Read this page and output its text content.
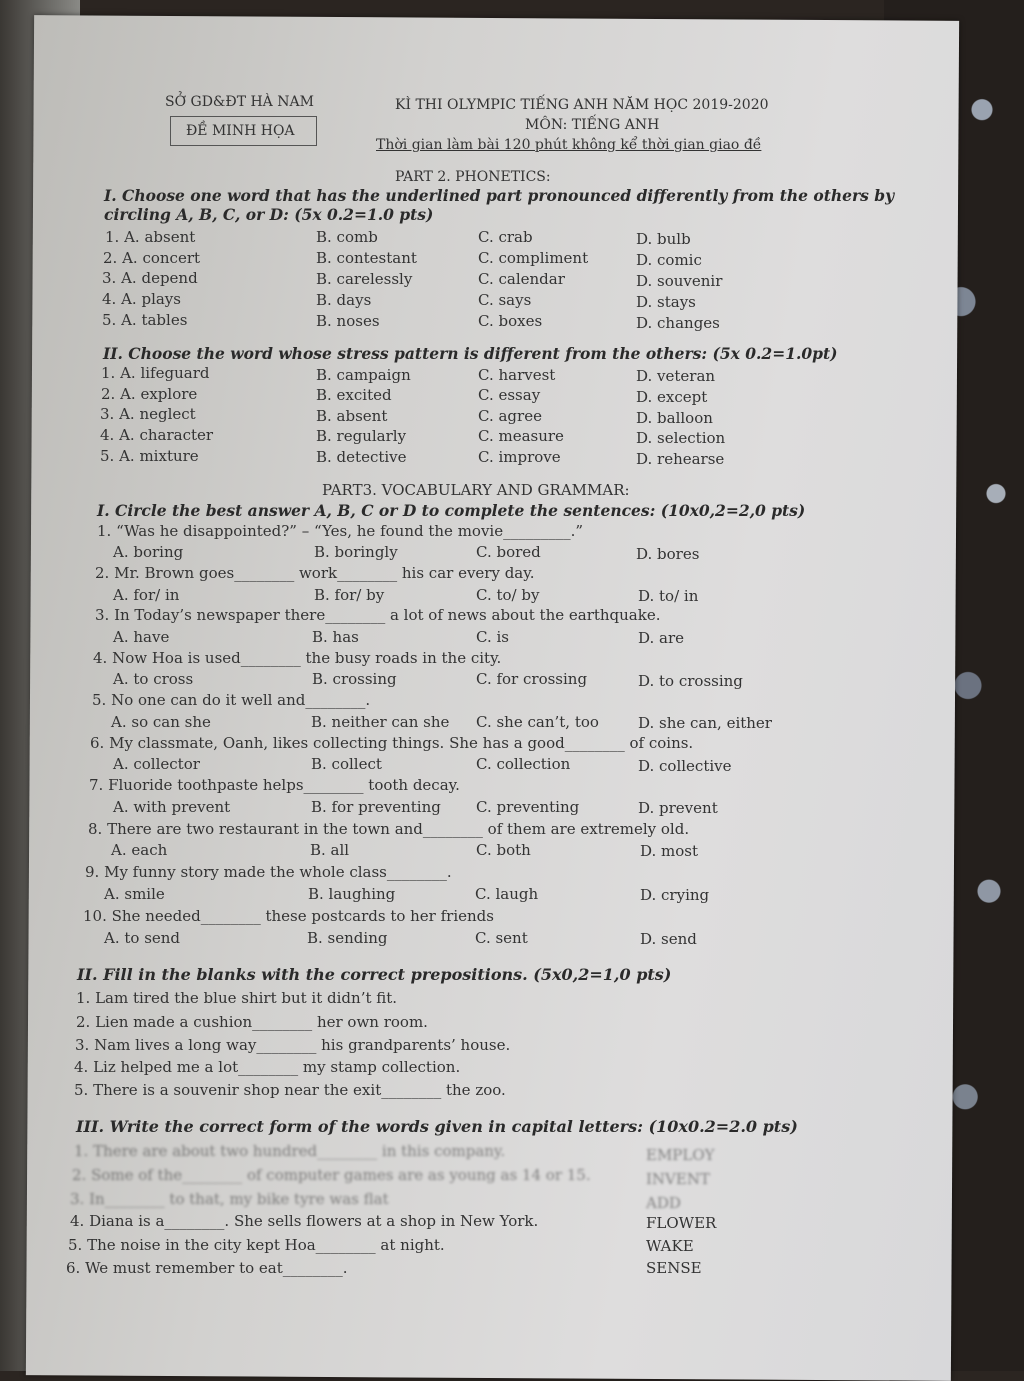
SỞ GD&ĐT HÀ NAM
ĐỀ MINH HỌA
KÌ THI OLYMPIC TIẾNG ANH NĂM HỌC 2019-2020
MÔN: TIẾNG ANH
Thời gian làm bài 120 phút không kể thời gian giao đề
PART 2. PHONETICS:
I. Choose one word that has the underlined part pronounced differently from the others by
circling A, B, C, or D: (5x 0.2=1.0 pts)
1. A. absent	B. comb	C. crab	D. bulb
2. A. concert	B. contestant	C. compliment	D. comic
3. A. depend	B. carelessly	C. calendar	D. souvenir
4. A. plays	B. days	C. says	D. stays
5. A. tables	B. noses	C. boxes	D. changes
II. Choose the word whose stress pattern is different from the others: (5x 0.2=1.0pt)
1. A. lifeguard	B. campaign	C. harvest	D. veteran
2. A. explore	B. excited	C. essay	D. except
3. A. neglect	B. absent	C. agree	D. balloon
4. A. character	B. regularly	C. measure	D. selection
5. A. mixture	B. detective	C. improve	D. rehearse
PART3. VOCABULARY AND GRAMMAR:
I. Circle the best answer A, B, C or D to complete the sentences: (10x0,2=2,0 pts)
1. “Was he disappointed?” – “Yes, he found the movie_________.”
A. boring	B. boringly	C. bored	D. bores
2. Mr. Brown goes________ work________ his car every day.
A. for/ in	B. for/ by	C. to/ by	D. to/ in
3. In Today’s newspaper there________ a lot of news about the earthquake.
A. have	B. has	C. is	D. are
4. Now Hoa is used________ the busy roads in the city.
A. to cross	B. crossing	C. for crossing	D. to crossing
5. No one can do it well and________.
A. so can she	B. neither can she C. she can’t, too	D. she can, either
6. My classmate, Oanh, likes collecting things. She has a good________ of coins.
A. collector	B. collect	C. collection	D. collective
7. Fluoride toothpaste helps________ tooth decay.
A. with prevent	B. for preventing C. preventing	D. prevent
8. There are two restaurant in the town and________ of them are extremely old.
A. each	B. all	C. both	D. most
9. My funny story made the whole class________.
A. smile	B. laughing	C. laugh	D. crying
10. She needed________ these postcards to her friends
A. to send	B. sending	C. sent	D. send
II. Fill in the blanks with the correct prepositions. (5x0,2=1,0 pts)
1. Lam tired the blue shirt but it didn’t fit.
2. Lien made a cushion________ her own room.
3. Nam lives a long way________ his grandparents’ house.
4. Liz helped me a lot________ my stamp collection.
5. There is a souvenir shop near the exit________ the zoo.
III. Write the correct form of the words given in capital letters: (10x0.2=2.0 pts)
1. There are about two hundred________ in this company.	EMPLOY
2. Some of the________ of computer games are as young as 14 or 15.	INVENT
3. In________ to that, my bike tyre was flat	ADD
4. Diana is a________. She sells flowers at a shop in New York.	FLOWER
5. The noise in the city kept Hoa________ at night.	WAKE
6. We must remember to eat________.	SENSE
